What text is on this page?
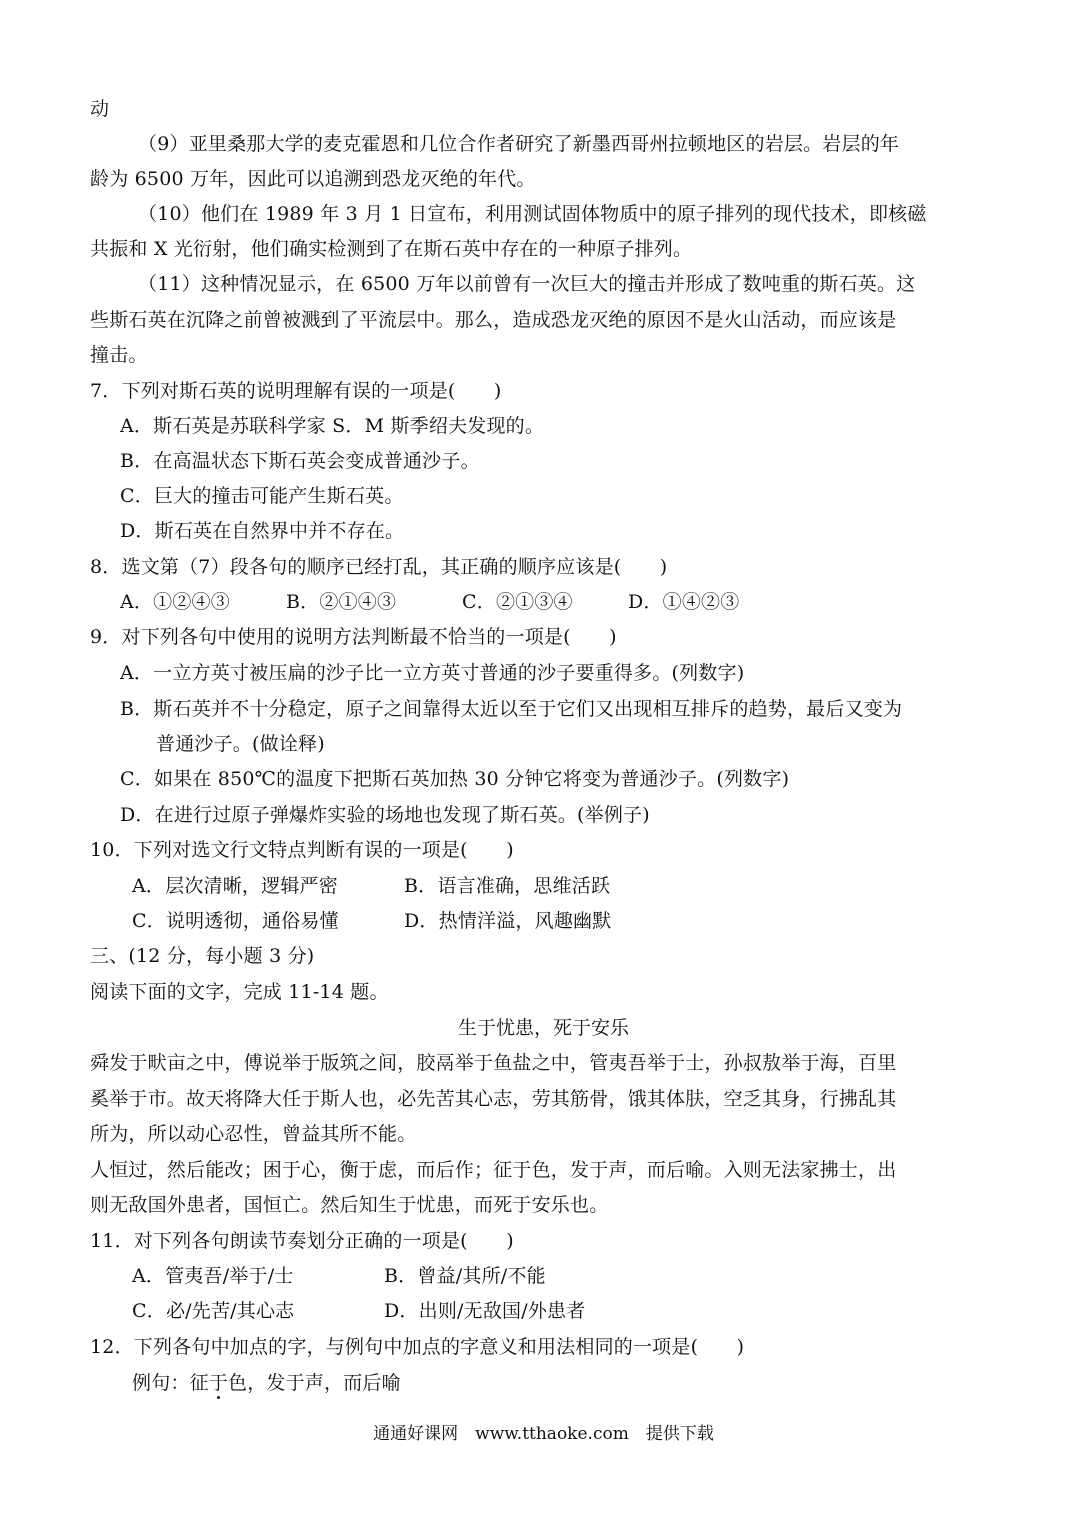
动
（9）亚里桑那大学的麦克霍恩和几位合作者研究了新墨西哥州拉顿地区的岩层。岩层的年
龄为 6500 万年，因此可以追溯到恐龙灭绝的年代。
（10）他们在 1989 年 3 月 1 日宣布，利用测试固体物质中的原子排列的现代技术，即核磁
共振和 X 光衍射，他们确实检测到了在斯石英中存在的一种原子排列。
（11）这种情况显示，在 6500 万年以前曾有一次巨大的撞击并形成了数吨重的斯石英。这
些斯石英在沉降之前曾被溅到了平流层中。那么，造成恐龙灭绝的原因不是火山活动，而应该是
撞击。
7．下列对斯石英的说明理解有误的一项是(　　)
A．斯石英是苏联科学家 S．M 斯季绍夫发现的。
B．在高温状态下斯石英会变成普通沙子。
C．巨大的撞击可能产生斯石英。
D．斯石英在自然界中并不存在。
8．选文第（7）段各句的顺序已经打乱，其正确的顺序应该是(　　)
A．①②④③	B．②①④③	C．②①③④	D．①④②③
9．对下列各句中使用的说明方法判断最不恰当的一项是(　　)
A．一立方英寸被压扁的沙子比一立方英寸普通的沙子要重得多。(列数字)
B．斯石英并不十分稳定，原子之间靠得太近以至于它们又出现相互排斥的趋势，最后又变为
普通沙子。(做诠释)
C．如果在 850℃的温度下把斯石英加热 30 分钟它将变为普通沙子。(列数字)
D．在进行过原子弹爆炸实验的场地也发现了斯石英。(举例子)
10．下列对选文行文特点判断有误的一项是(　　)
A．层次清晰，逻辑严密	B．语言准确，思维活跃
C．说明透彻，通俗易懂	D．热情洋溢，风趣幽默
三、(12 分，每小题 3 分)
阅读下面的文字，完成 11-14 题。
生于忧患，死于安乐
舜发于畎亩之中，傅说举于版筑之间，胶鬲举于鱼盐之中，管夷吾举于士，孙叔敖举于海，百里
奚举于市。故天将降大任于斯人也，必先苦其心志，劳其筋骨，饿其体肤，空乏其身，行拂乱其
所为，所以动心忍性，曾益其所不能。
人恒过，然后能改；困于心，衡于虑，而后作；征于色，发于声，而后喻。入则无法家拂士，出
则无敌国外患者，国恒亡。然后知生于忧患，而死于安乐也。
11．对下列各句朗读节奏划分正确的一项是(　　)
A．管夷吾/举于/士	B．曾益/其所/不能
C．必/先苦/其心志	D．出则/无敌国/外患者
12．下列各句中加点的字，与例句中加点的字意义和用法相同的一项是(　　)
例句：征于色，发于声，而后喻
通通好课网　www.tthaoke.com　提供下载
